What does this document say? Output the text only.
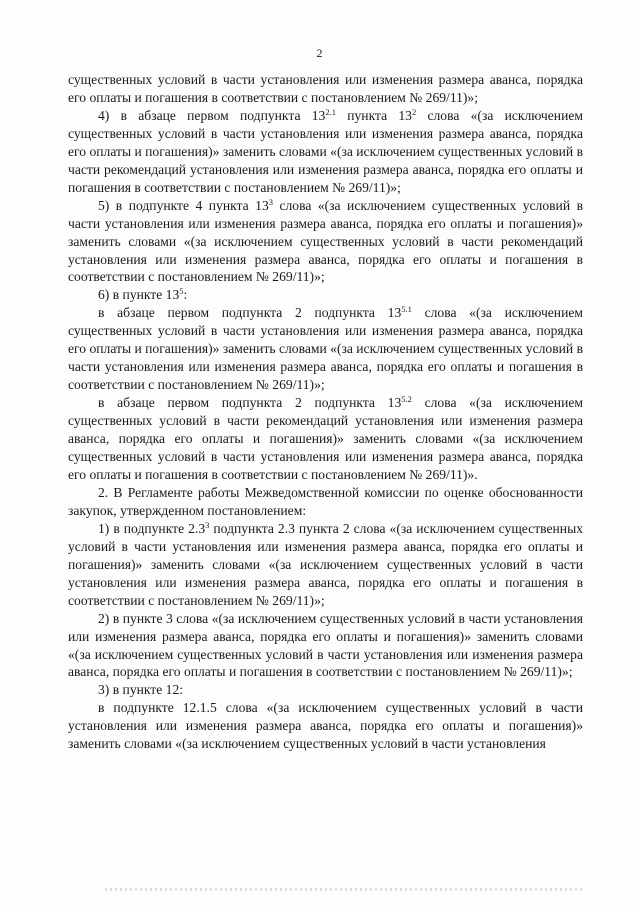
2

существенных условий в части установления или изменения размера аванса, порядка его оплаты и погашения в соответствии с постановлением № 269/11)»;

4) в абзаце первом подпункта $13^{2.1}$ пункта $13^2$ слова «(за исключением существенных условий в части установления или изменения размера аванса, порядка его оплаты и погашения)» заменить словами «(за исключением существенных условий в части рекомендаций установления или изменения размера аванса, порядка его оплаты и погашения в соответствии с постановлением № 269/11)»;

5) в подпункте 4 пункта $13^3$ слова «(за исключением существенных условий в части установления или изменения размера аванса, порядка его оплаты и погашения)» заменить словами «(за исключением существенных условий в части рекомендаций установления или изменения размера аванса, порядка его оплаты и погашения в соответствии с постановлением № 269/11)»;

6) в пункте $13^5$:

в абзаце первом подпункта 2 подпункта $13^{5.1}$ слова «(за исключением существенных условий в части установления или изменения размера аванса, порядка его оплаты и погашения)» заменить словами «(за исключением существенных условий в части установления или изменения размера аванса, порядка его оплаты и погашения в соответствии с постановлением № 269/11)»;

в абзаце первом подпункта 2 подпункта $13^{5.2}$ слова «(за исключением существенных условий в части рекомендаций установления или изменения размера аванса, порядка его оплаты и погашения)» заменить словами «(за исключением существенных условий в части установления или изменения размера аванса, порядка его оплаты и погашения в соответствии с постановлением № 269/11)».

2. В Регламенте работы Межведомственной комиссии по оценке обоснованности закупок, утвержденном постановлением:

1) в подпункте $2.3^3$ подпункта 2.3 пункта 2 слова «(за исключением существенных условий в части установления или изменения размера аванса, порядка его оплаты и погашения)» заменить словами «(за исключением существенных условий в части установления или изменения размера аванса, порядка его оплаты и погашения в соответствии с постановлением № 269/11)»;

2) в пункте 3 слова «(за исключением существенных условий в части установления или изменения размера аванса, порядка его оплаты и погашения)» заменить словами «(за исключением существенных условий в части установления или изменения размера аванса, порядка его оплаты и погашения в соответствии с постановлением № 269/11)»;

3) в пункте 12:

в подпункте 12.1.5 слова «(за исключением существенных условий в части установления или изменения размера аванса, порядка его оплаты и погашения)» заменить словами «(за исключением существенных условий в части установления
